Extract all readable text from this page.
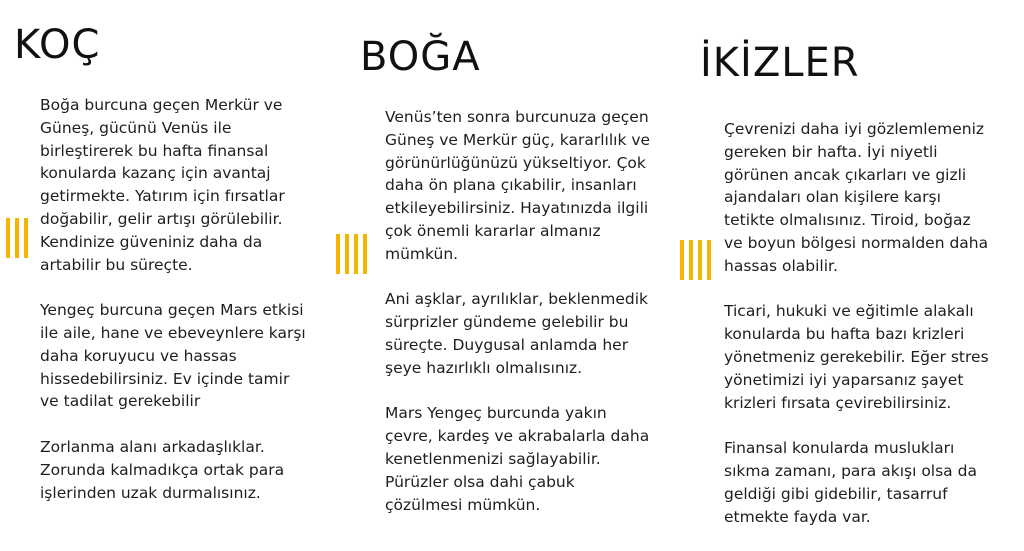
KOÇ

Boğa burcuna geçen Merkür ve
Güneş, gücünü Venüs ile
birleştirerek bu hafta finansal
konularda kazanç için avantaj
getirmekte. Yatırım için fırsatlar
doğabilir, gelir artışı görülebilir.
Kendinize güveniniz daha da
artabilir bu süreçte.

Yengeç burcuna geçen Mars etkisi
ile aile, hane ve ebeveynlere karşı
daha koruyucu ve hassas
hissedebilirsiniz. Ev içinde tamir
ve tadilat gerekebilir

Zorlanma alanı arkadaşlıklar.
Zorunda kalmadıkça ortak para
işlerinden uzak durmalısınız.

BOĞA

Venüs’ten sonra burcunuza geçen
Güneş ve Merkür güç, kararlılık ve
görünürlüğünüzü yükseltiyor. Çok
daha ön plana çıkabilir, insanları
etkileyebilirsiniz. Hayatınızda ilgili
çok önemli kararlar almanız
mümkün.

Ani aşklar, ayrılıklar, beklenmedik
sürprizler gündeme gelebilir bu
süreçte. Duygusal anlamda her
şeye hazırlıklı olmalısınız.

Mars Yengeç burcunda yakın
çevre, kardeş ve akrabalarla daha
kenetlenmenizi sağlayabilir.
Pürüzler olsa dahi çabuk
çözülmesi mümkün.

İKİZLER

Çevrenizi daha iyi gözlemlemeniz
gereken bir hafta. İyi niyetli
görünen ancak çıkarları ve gizli
ajandaları olan kişilere karşı
tetikte olmalısınız. Tiroid, boğaz
ve boyun bölgesi normalden daha
hassas olabilir.

Ticari, hukuki ve eğitimle alakalı
konularda bu hafta bazı krizleri
yönetmeniz gerekebilir. Eğer stres
yönetimizi iyi yaparsanız şayet
krizleri fırsata çevirebilirsiniz.

Finansal konularda muslukları
sıkma zamanı, para akışı olsa da
geldiği gibi gidebilir, tasarruf
etmekte fayda var.
